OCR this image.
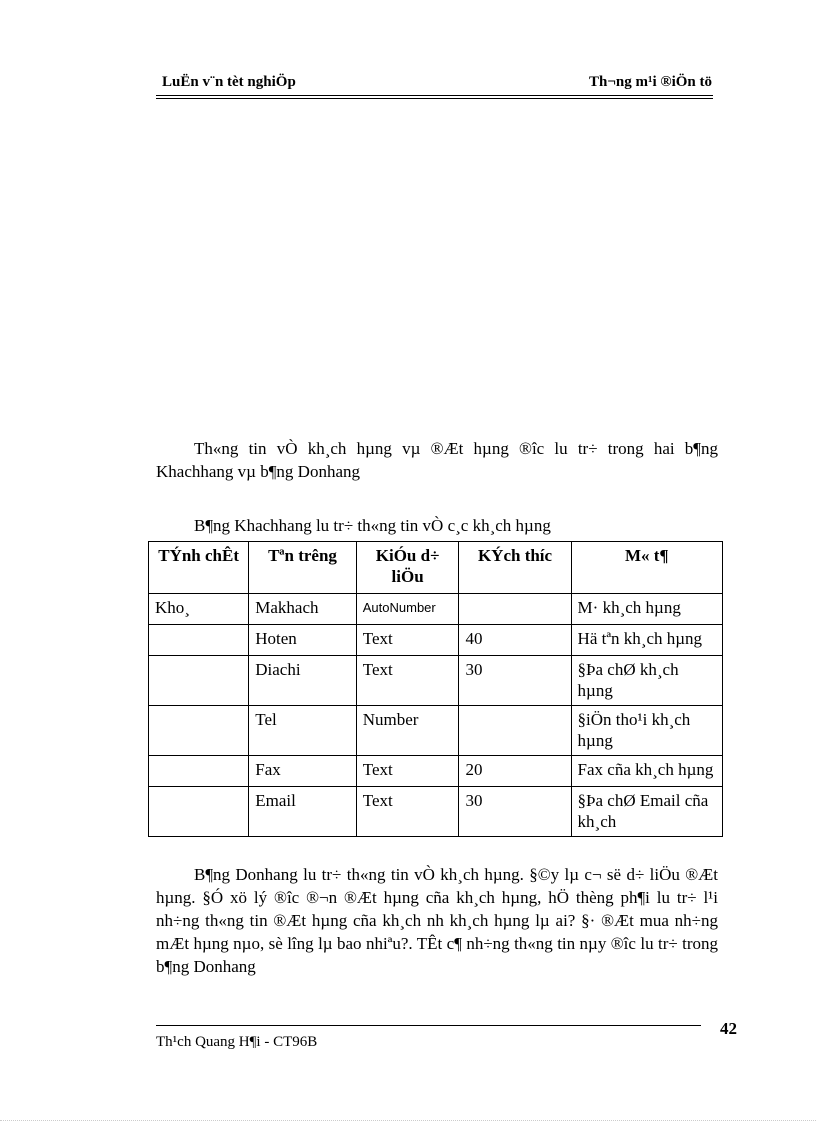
LuËn v¨n tèt nghiÖp	Th¬ng m¹i ®iÖn tö

Th«ng tin vÒ kh¸ch hµng vµ ®Æt hµng ®îc lu tr÷ trong hai b¶ng Khachhang vµ b¶ng Donhang

B¶ng Khachhang lu tr÷ th«ng tin vÒ c¸c kh¸ch hµng
TÝnh chÊt	Tªn trêng	KiÓu d÷ liÖu	KÝch thíc	M« t¶
Kho¸	Makhach	AutoNumber		M· kh¸ch hµng
	Hoten	Text	40	Hä tªn kh¸ch hµng
	Diachi	Text	30	§Þa chØ kh¸ch hµng
	Tel	Number		§iÖn tho¹i kh¸ch hµng
	Fax	Text	20	Fax cña kh¸ch hµng
	Email	Text	30	§Þa chØ Email cña kh¸ch

B¶ng Donhang lu tr÷ th«ng tin vÒ kh¸ch hµng. §©y lµ c¬ së d÷ liÖu ®Æt hµng. §Ó xö lý ®îc ®¬n ®Æt hµng cña kh¸ch hµng, hÖ thèng ph¶i lu tr÷ l¹i nh÷ng th«ng tin ®Æt hµng cña kh¸ch nh kh¸ch hµng lµ ai? §· ®Æt mua nh÷ng mÆt hµng nµo, sè lîng lµ bao nhiªu?. TÊt c¶ nh÷ng th«ng tin nµy ®îc lu tr÷ trong b¶ng Donhang

42
Th¹ch Quang H¶i - CT96B
